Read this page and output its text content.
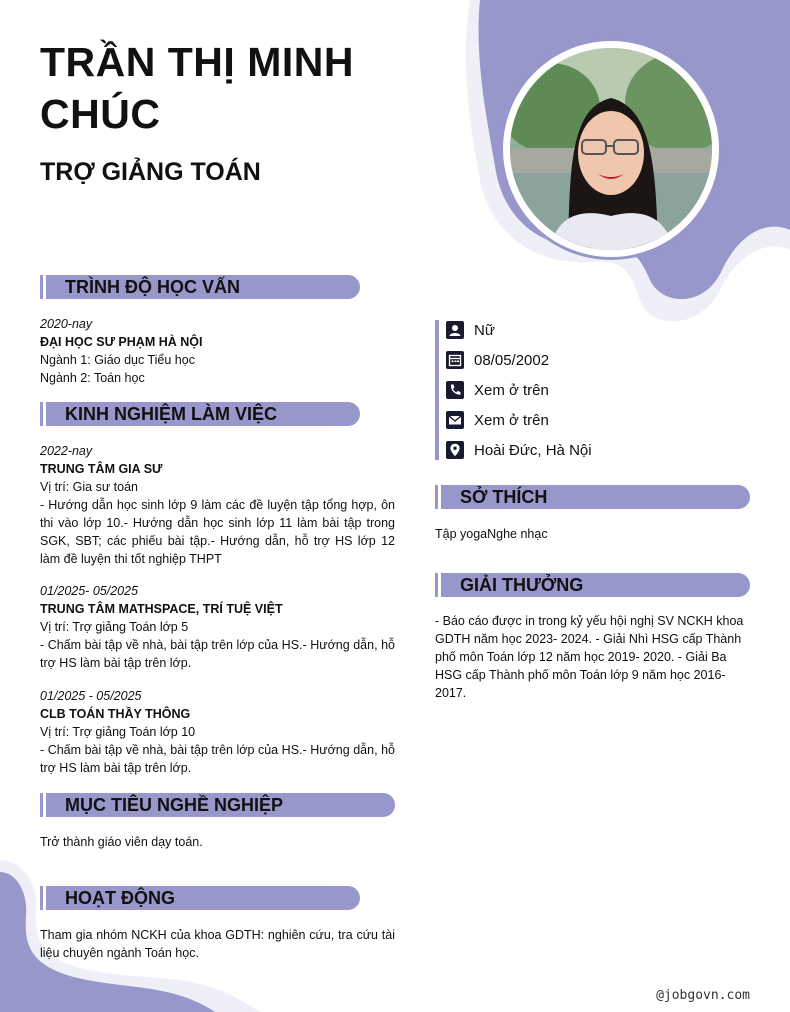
TRẦN THỊ MINH CHÚC
TRỢ GIẢNG TOÁN
TRÌNH ĐỘ HỌC VẤN
2020-nay
ĐẠI HỌC SƯ PHẠM HÀ NỘI
Ngành 1: Giáo dục Tiểu học
Ngành 2: Toán học
KINH NGHIỆM LÀM VIỆC
2022-nay
TRUNG TÂM GIA SƯ
Vị trí: Gia sư toán
- Hướng dẫn học sinh lớp 9 làm các đề luyện tập tổng hợp, ôn thi vào lớp 10.- Hướng dẫn học sinh lớp 11 làm bài tập trong SGK, SBT; các phiếu bài tập.- Hướng dẫn, hỗ trợ HS lớp 12 làm đề luyện thi tốt nghiệp THPT
01/2025- 05/2025
TRUNG TÂM MATHSPACE, TRÍ TUỆ VIỆT
Vị trí: Trợ giảng Toán lớp 5
- Chấm bài tập về nhà, bài tập trên lớp của HS.- Hướng dẫn, hỗ trợ HS làm bài tập trên lớp.
01/2025 - 05/2025
CLB TOÁN THẦY THÔNG
Vị trí: Trợ giảng Toán lớp 10
- Chấm bài tập về nhà, bài tập trên lớp của HS.- Hướng dẫn, hỗ trợ HS làm bài tập trên lớp.
MỤC TIÊU NGHỀ NGHIỆP
Trở thành giáo viên dạy toán.
HOẠT ĐỘNG
Tham gia nhóm NCKH của khoa GDTH: nghiên cứu, tra cứu tài liệu chuyên ngành Toán học.
Nữ
08/05/2002
Xem ở trên
Xem ở trên
Hoài Đức, Hà Nội
SỞ THÍCH
Tập yogaNghe nhạc
GIẢI THƯỞNG
- Báo cáo được in trong kỷ yếu hội nghị SV NCKH khoa GDTH năm học 2023- 2024. - Giải Nhì HSG cấp Thành phố môn Toán lớp 12 năm học 2019- 2020. - Giải Ba HSG cấp Thành phố môn Toán lớp 9 năm học 2016-2017.
@jobgovn.com
